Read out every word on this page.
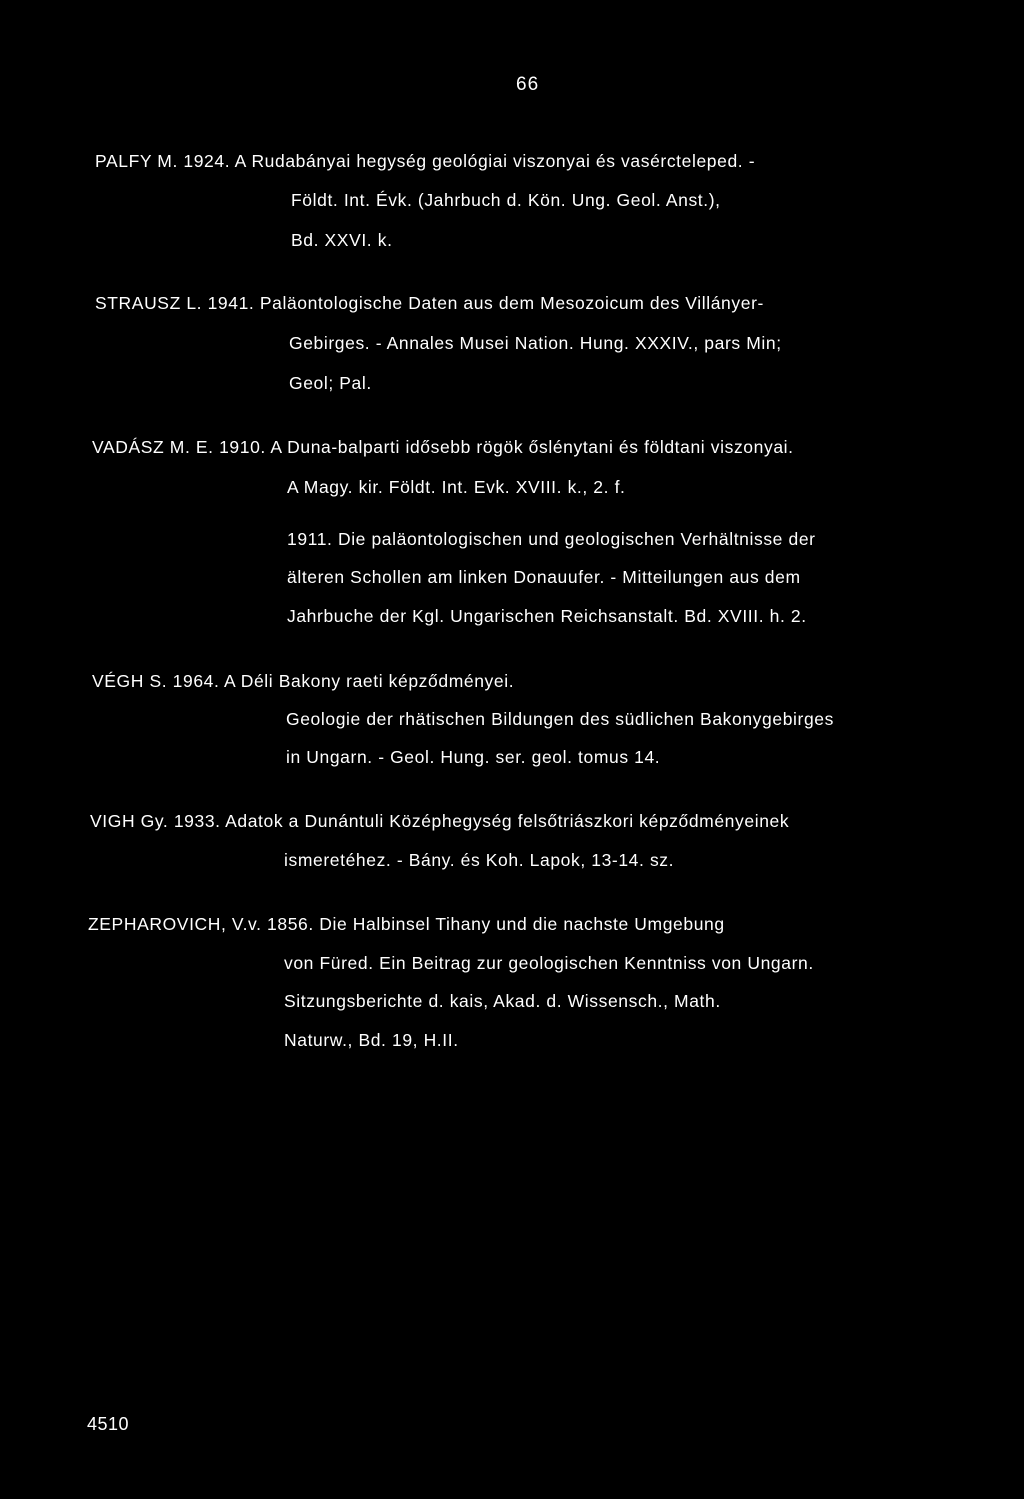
66
PALFY M. 1924. A Rudabányai hegység geológiai viszonyai és vasércteleped. -
Földt. Int. Évk. (Jahrbuch d. Kön. Ung. Geol. Anst.),
Bd. XXVI. k.
STRAUSZ L. 1941. Paläontologische Daten aus dem Mesozoicum des Villányer-
Gebirges. - Annales Musei Nation. Hung. XXXIV., pars Min;
Geol; Pal.
VADÁSZ M. E. 1910. A Duna-balparti idősebb rögök őslénytani és földtani viszonyai.
A Magy. kir. Földt. Int. Evk. XVIII. k., 2. f.
1911. Die paläontologischen und geologischen Verhältnisse der
älteren Schollen am linken Donauufer. - Mitteilungen aus dem
Jahrbuche der Kgl. Ungarischen Reichsanstalt. Bd. XVIII. h. 2.
VÉGH S. 1964. A Déli Bakony raeti képződményei.
Geologie der rhätischen Bildungen des südlichen Bakonygebirges
in Ungarn. - Geol. Hung. ser. geol. tomus 14.
VIGH Gy. 1933. Adatok a Dunántuli Középhegység felsőtriászkori képződményeinek
ismeretéhez. - Bány. és Koh. Lapok, 13-14. sz.
ZEPHAROVICH, V.v. 1856. Die Halbinsel Tihany und die nachste Umgebung
von Füred. Ein Beitrag zur geologischen Kenntniss von Ungarn.
Sitzungsberichte d. kais, Akad. d. Wissensch., Math.
Naturw., Bd. 19, H.II.
4510
